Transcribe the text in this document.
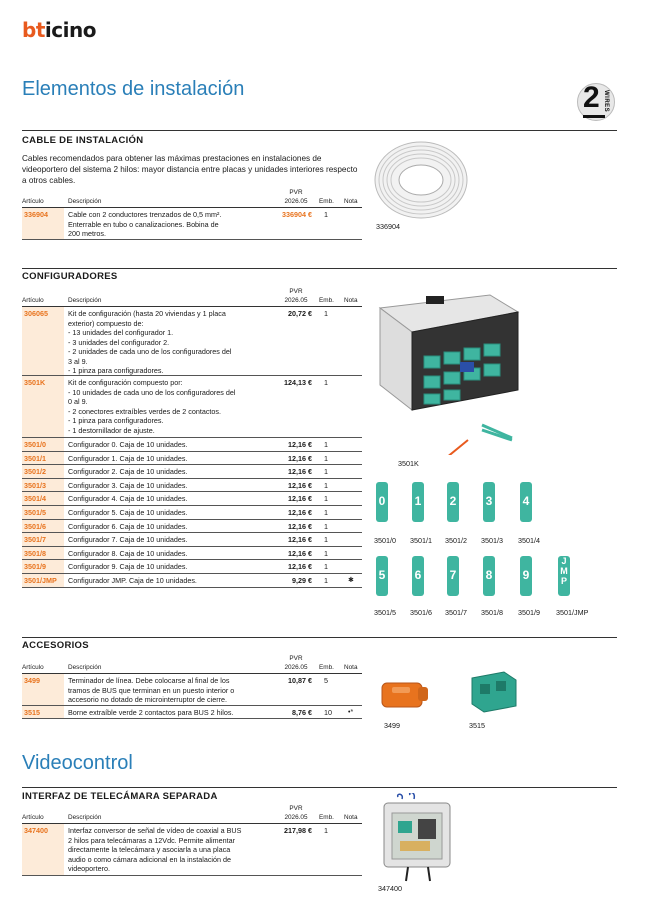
bticino
Elementos de instalación	2 WIRES
CABLE DE INSTALACIÓN
Cables recomendados para obtener las máximas prestaciones en instalaciones de videoportero del sistema 2 hilos: mayor distancia entre placas y unidades interiores respecto a otros cables.
Artículo	Descripción
PVR
2026.05	Emb. Nota
336904	Cable con 2 conductores trenzados de 0,5 mm².
Enterrable en tubo o canalizaciones. Bobina de
200 metros.
336904 € 1
336904
CONFIGURADORES
Artículo	Descripción
PVR
2026.05	Emb. Nota
306065	Kit de configuración (hasta 20 viviendas y 1 placa
exterior) compuesto de:
- 13 unidades del configurador 1.
- 3 unidades del configurador 2.
- 2 unidades de cada uno de los configuradores del
3 al 9.
- 1 pinza para configuradores.
20,72 € 1
3501K	Kit de configuración compuesto por:
- 10 unidades de cada uno de los configuradores del
0 al 9.
- 2 conectores extraíbles verdes de 2 contactos.
- 1 pinza para configuradores.
- 1 destornillador de ajuste.
124,13 € 1
3501/0	Configurador 0. Caja de 10 unidades.	12,16 € 1
3501/1	Configurador 1. Caja de 10 unidades.	12,16 € 1
3501/2	Configurador 2. Caja de 10 unidades.	12,16 € 1
3501/3	Configurador 3. Caja de 10 unidades.	12,16 € 1
3501/4	Configurador 4. Caja de 10 unidades.	12,16 € 1
3501/5	Configurador 5. Caja de 10 unidades.	12,16 € 1
3501/6	Configurador 6. Caja de 10 unidades.	12,16 € 1
3501/7	Configurador 7. Caja de 10 unidades.	12,16 € 1
3501/8	Configurador 8. Caja de 10 unidades.	12,16 € 1
3501/9	Configurador 9. Caja de 10 unidades.	12,16 € 1
3501/JMP Configurador JMP. Caja de 10 unidades.	9,29 € 1	✱
3501K
0
3501/0
1
3501/1
2
3501/2
3
3501/3
4
3501/4
5
3501/5
6
3501/6
7
3501/7
8
3501/8
9
3501/9
J
M
P
3501/JMP
ACCESORIOS
Artículo	Descripción
PVR
2026.05	Emb. Nota
3499	Terminador de línea. Debe colocarse al final de los
tramos de BUS que terminan en un puesto interior o
accesorio no dotado de microinterruptor de cierre.
10,87 € 5
3515	Borne extraíble verde 2 contactos para BUS 2 hilos.	8,76 € 10 •*
3499	3515
Videocontrol
INTERFAZ DE TELECÁMARA SEPARADA
Artículo	Descripción
PVR
2026.05	Emb. Nota
347400	Interfaz conversor de señal de vídeo de coaxial a BUS
2 hilos para telecámaras a 12Vdc. Permite alimentar
directamente la telecámara y asociarla a una placa
audio o como cámara adicional en la instalación de
videoportero.
217,98 € 1
347400
